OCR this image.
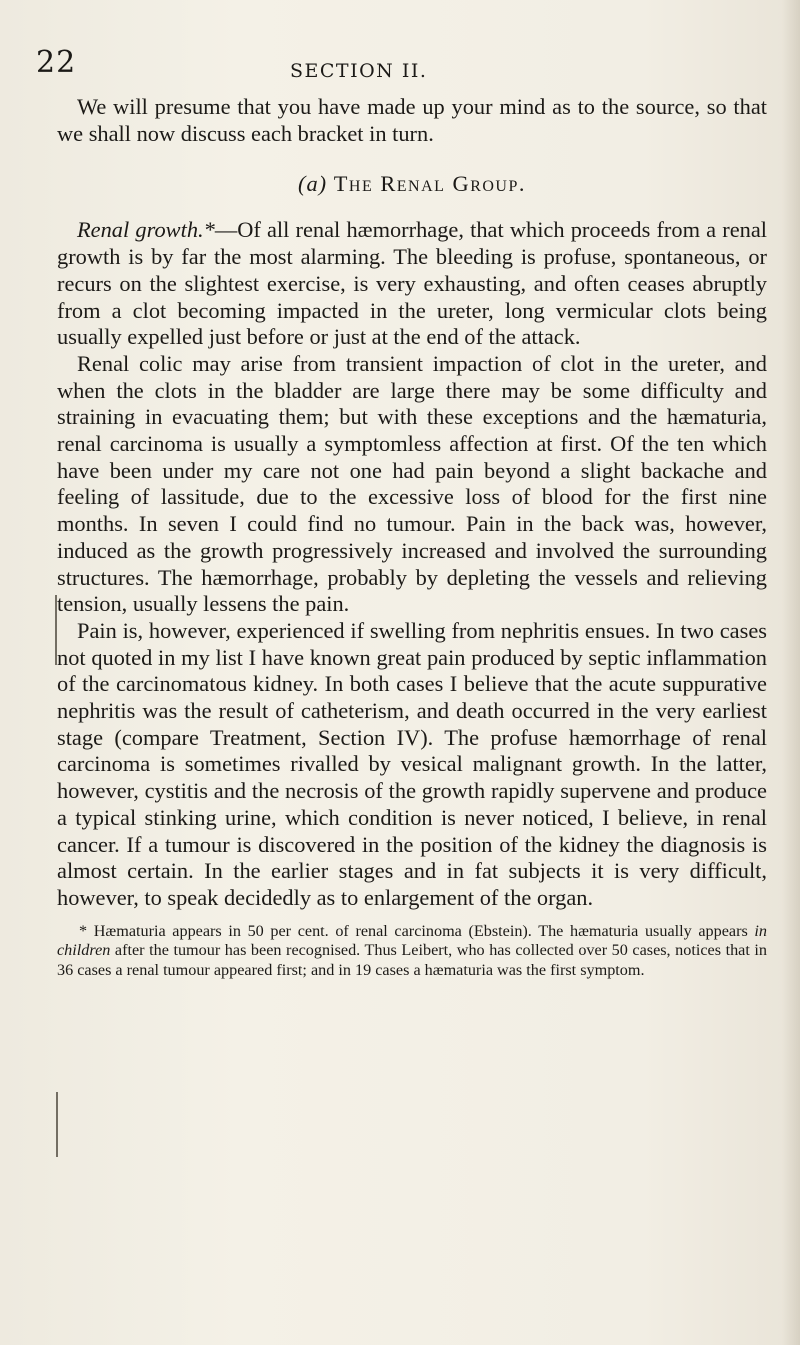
22	SECTION II.

We will presume that you have made up your mind as to the source, so that we shall now discuss each bracket in turn.

(a) The Renal Group.

Renal growth.*—Of all renal hæmorrhage, that which proceeds from a renal growth is by far the most alarming. The bleeding is profuse, spontaneous, or recurs on the slightest exercise, is very exhausting, and often ceases abruptly from a clot becoming impacted in the ureter, long vermicular clots being usually expelled just before or just at the end of the attack.

Renal colic may arise from transient impaction of clot in the ureter, and when the clots in the bladder are large there may be some difficulty and straining in evacuating them; but with these exceptions and the hæmaturia, renal carcinoma is usually a symptomless affection at first. Of the ten which have been under my care not one had pain beyond a slight backache and feeling of lassitude, due to the excessive loss of blood for the first nine months. In seven I could find no tumour. Pain in the back was, however, induced as the growth progressively increased and involved the surrounding structures. The hæmorrhage, probably by depleting the vessels and relieving tension, usually lessens the pain.

Pain is, however, experienced if swelling from nephritis ensues. In two cases not quoted in my list I have known great pain produced by septic inflammation of the carcinomatous kidney. In both cases I believe that the acute suppurative nephritis was the result of catheterism, and death occurred in the very earliest stage (compare Treatment, Section IV). The profuse hæmorrhage of renal carcinoma is sometimes rivalled by vesical malignant growth. In the latter, however, cystitis and the necrosis of the growth rapidly supervene and produce a typical stinking urine, which condition is never noticed, I believe, in renal cancer. If a tumour is discovered in the position of the kidney the diagnosis is almost certain. In the earlier stages and in fat subjects it is very difficult, however, to speak decidedly as to enlargement of the organ.

* Hæmaturia appears in 50 per cent. of renal carcinoma (Ebstein). The hæmaturia usually appears in children after the tumour has been recognised. Thus Leibert, who has collected over 50 cases, notices that in 36 cases a renal tumour appeared first; and in 19 cases a hæmaturia was the first symptom.
